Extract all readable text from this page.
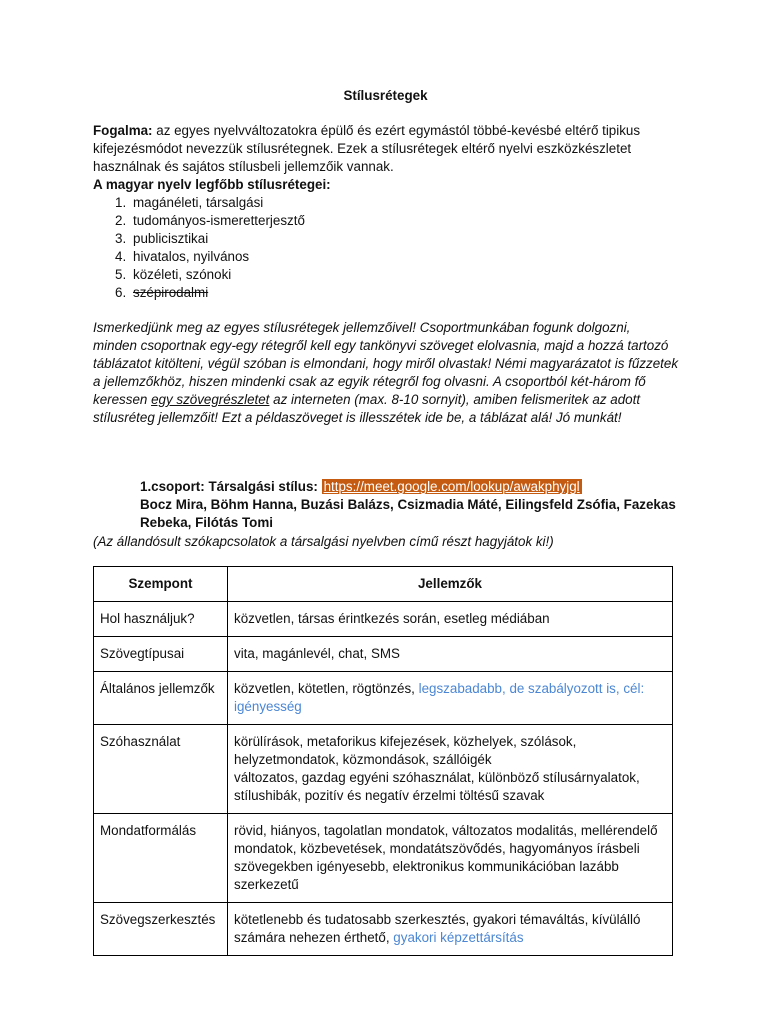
Stílusrétegek
Fogalma: az egyes nyelvváltozatokra épülő és ezért egymástól többé-kevésbé eltérő tipikus kifejezésmódot nevezzük stílusrétegnek. Ezek a stílusrétegek eltérő nyelvi eszközkészletet használnak és sajátos stílusbeli jellemzőik vannak.
A magyar nyelv legfőbb stílusrétegei:
1. magánéleti, társalgási
2. tudományos-ismeretterjesztő
3. publicisztikai
4. hivatalos, nyilvános
5. közéleti, szónoki
6. szépirodalmi
Ismerkedjünk meg az egyes stílusrétegek jellemzőivel! Csoportmunkában fogunk dolgozni, minden csoportnak egy-egy rétegről kell egy tankönyvi szöveget elolvasnia, majd a hozzá tartozó táblázatot kitölteni, végül szóban is elmondani, hogy miről olvastak! Némi magyarázatot is fűzzetek a jellemzőkhöz, hiszen mindenki csak az egyik rétegről fog olvasni. A csoportból két-három fő keressen egy szövegrészletet az interneten (max. 8-10 sornyit), amiben felismeritek az adott stílusréteg jellemzőit! Ezt a példaszöveget is illesszétek ide be, a táblázat alá! Jó munkát!
1.csoport: Társalgási stílus: https://meet.google.com/lookup/awakphyjgl
Bocz Mira, Böhm Hanna, Buzási Balázs, Csizmadia Máté, Eilingsfeld Zsófia, Fazekas Rebeka, Filótás Tomi
(Az állandósult szókapcsolatok a társalgási nyelvben című részt hagyjátok ki!)
Szempont	Jellemzők
Hol használjuk?	közvetlen, társas érintkezés során, esetleg médiában
Szövegtípusai	vita, magánlevél, chat, SMS
Általános jellemzők	közvetlen, kötetlen, rögtönzés, legszabadabb, de szabályozott is, cél: igényesség
Szóhasználat	körülírások, metaforikus kifejezések, közhelyek, szólások, helyzetmondatok, közmondások, szállóigék
változatos, gazdag egyéni szóhasználat, különböző stílusárnyalatok, stílushibák, pozitív és negatív érzelmi töltésű szavak

Mondatformálás	rövid, hiányos, tagolatlan mondatok, változatos modalitás, mellérendelő mondatok, közbevetések, mondatátszövődés, hagyományos írásbeli szövegekben igényesebb, elektronikus kommunikációban lazább szerkezetű
Szövegszerkesztés	kötetlenebb és tudatosabb szerkesztés, gyakori témaváltás, kívülálló számára nehezen érthető, gyakori képzettársítás
